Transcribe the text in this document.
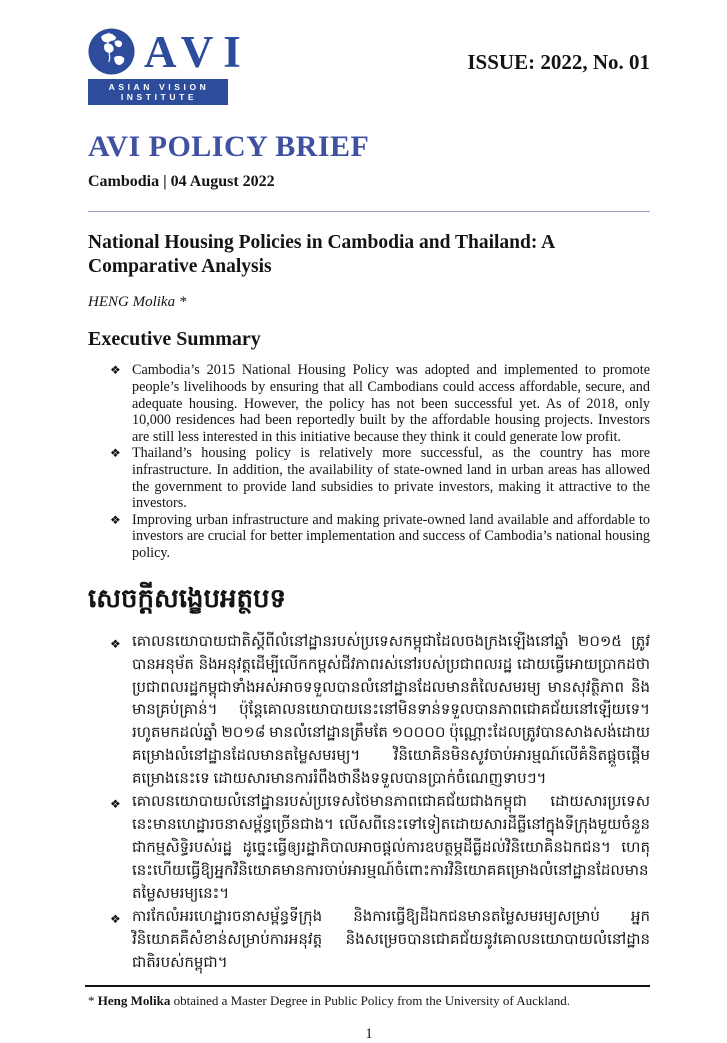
AVI
ASIAN VISION INSTITUTE
ISSUE: 2022, No. 01
AVI POLICY BRIEF
Cambodia | 04 August 2022
National Housing Policies in Cambodia and Thailand: A Comparative Analysis
HENG Molika *
Executive Summary
❖ Cambodia’s 2015 National Housing Policy was adopted and implemented to promote people’s livelihoods by ensuring that all Cambodians could access affordable, secure, and adequate housing. However, the policy has not been successful yet. As of 2018, only 10,000 residences had been reportedly built by the affordable housing projects. Investors are still less interested in this initiative because they think it could generate low profit.
❖ Thailand’s housing policy is relatively more successful, as the country has more infrastructure. In addition, the availability of state-owned land in urban areas has allowed the government to provide land subsidies to private investors, making it attractive to the investors.
❖ Improving urban infrastructure and making private-owned land available and affordable to investors are crucial for better implementation and success of Cambodia’s national housing policy.
សេចក្តីសង្ខេបអត្ថបទ
❖ គោលនយោបាយជាតិស្តីពីលំនៅដ្ឋានរបស់ប្រទេសកម្ពុជាដែលចងក្រងឡើងនៅឆ្នាំ ២០១៥ ត្រូវបានអនុម័ត និងអនុវត្តដើម្បីលើកកម្ពស់ជីវភាពរស់នៅរបស់ប្រជាពលរដ្ឋ ដោយធ្វើអោយប្រាកដថាប្រជាពលរដ្ឋកម្ពុជាទាំងអស់អាចទទួលបានលំនៅដ្ឋានដែលមានតំលៃសមរម្យ មានសុវត្ថិភាព និងមានគ្រប់គ្រាន់។ ប៉ុន្តែគោលនយោបាយនេះនៅមិនទាន់ទទួលបានភាពជោគជ័យនៅឡើយទេ។ រហូតមកដល់ឆ្នាំ ២០១៨ មានលំនៅដ្ឋានត្រឹមតែ ១០០០០ ប៉ុណ្ណោះដែលត្រូវបានសាងសង់ដោយគម្រោងលំនៅដ្ឋានដែលមានតម្លៃសមរម្យ។ វិនិយោគិនមិនសូវចាប់អារម្មណ៍លើគំនិតផ្តួចផ្តើមគម្រោងនេះទេ ដោយសារមានការរំពឹងថានឹងទទួលបានប្រាក់ចំណេញទាបៗ។
❖ គោលនយោបាយលំនៅដ្ឋានរបស់ប្រទេសថៃមានភាពជោគជ័យជាងកម្ពុជា ដោយសារប្រទេសនេះមានហេដ្ឋារចនាសម្ព័ន្ធច្រើនជាង។ លើសពីនេះទៅទៀតដោយសារដីធ្លីនៅក្នុងទីក្រុងមួយចំនួនជាកម្មសិទ្ធិរបស់រដ្ឋ ដូច្នេះធ្វើឲ្យរដ្ឋាភិបាលអាចផ្តល់ការឧបត្ថម្ភដីធ្លីដល់វិនិយោគិនឯកជន។ ហេតុនេះហើយធ្វើឱ្យអ្នកវិនិយោគមានការចាប់អារម្មណ៍ចំពោះការវិនិយោគគម្រោងលំនៅដ្ឋានដែលមានតម្លៃសមរម្យនេះ។
❖ ការកែលំអរហេដ្ឋារចនាសម្ព័ន្ធទីក្រុង និងការធ្វើឱ្យដីឯកជនមានតម្លៃសមរម្យសម្រាប់ អ្នកវិនិយោគគឺសំខាន់សម្រាប់ការអនុវត្ត និងសម្រេចបានជោគជ័យនូវគោលនយោបាយលំនៅដ្ឋានជាតិរបស់កម្ពុជា។

* Heng Molika obtained a Master Degree in Public Policy from the University of Auckland.

1
